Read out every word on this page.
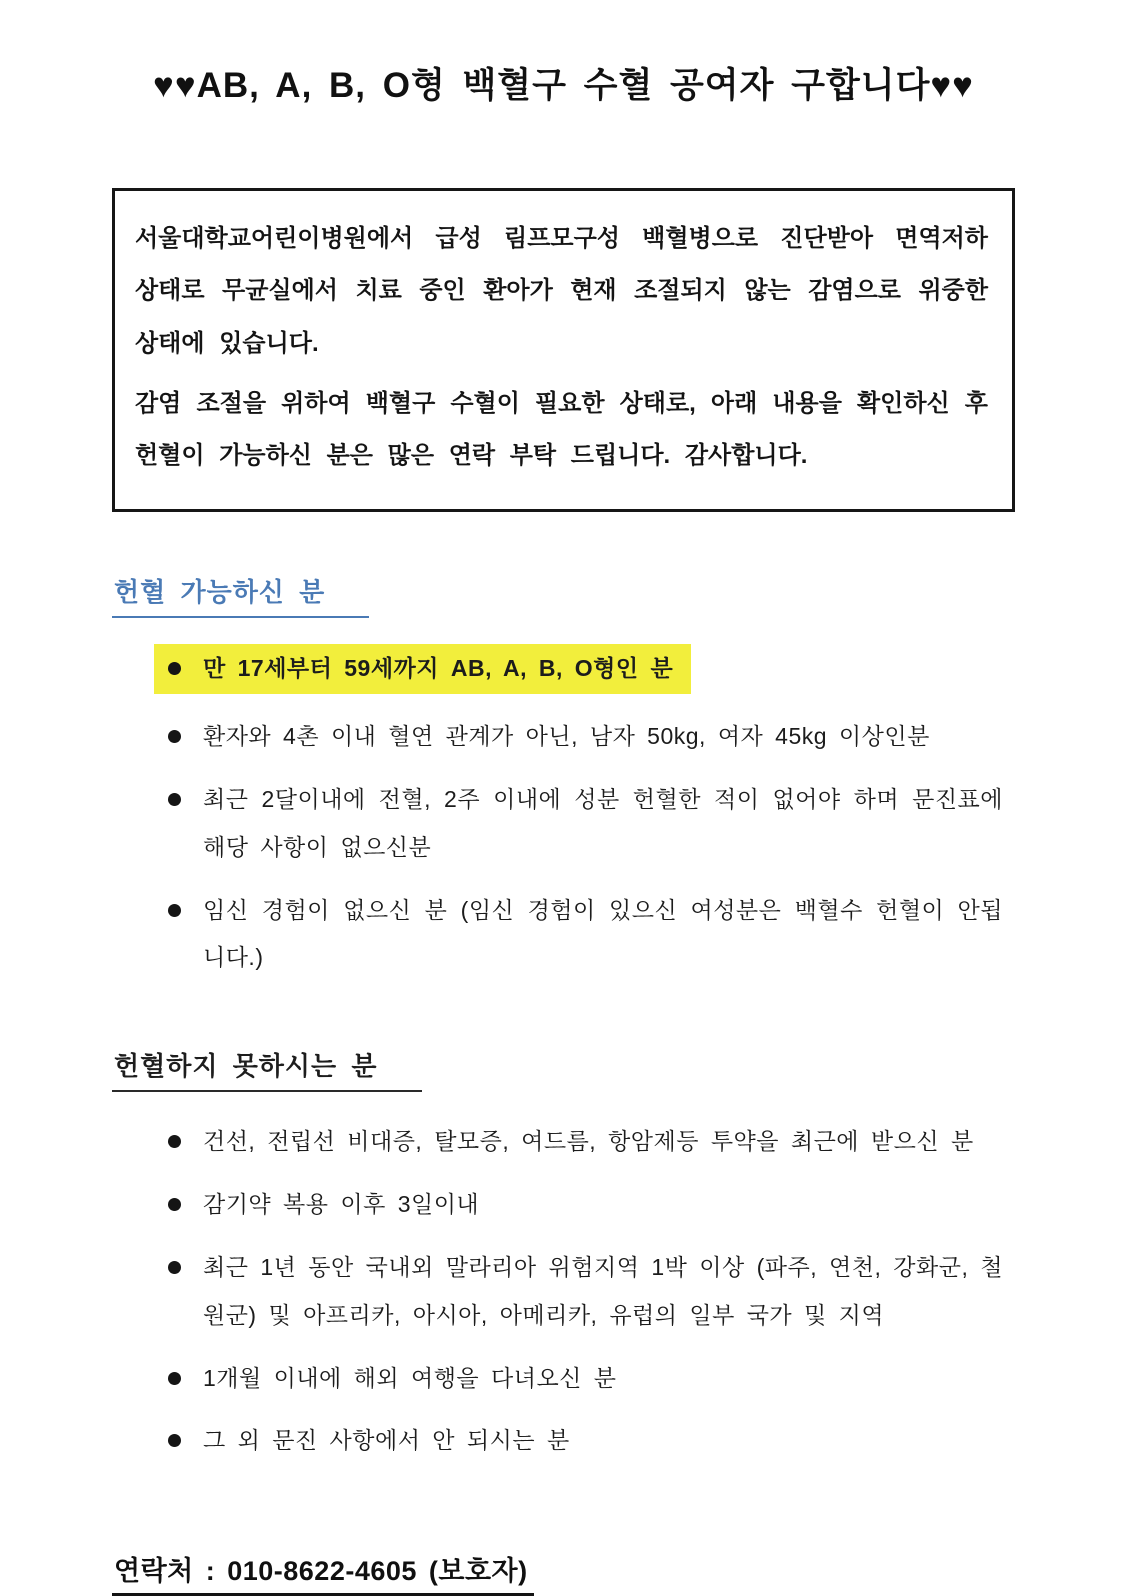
♥♥AB, A, B, O형 백혈구 수혈 공여자 구합니다♥♥

서울대학교어린이병원에서 급성 림프모구성 백혈병으로 진단받아 면역저하 상태로 무균실에서 치료 중인 환아가 현재 조절되지 않는 감염으로 위중한 상태에 있습니다.

감염 조절을 위하여 백혈구 수혈이 필요한 상태로, 아래 내용을 확인하신 후 헌혈이 가능하신 분은 많은 연락 부탁 드립니다. 감사합니다.

헌혈 가능하신 분
만 17세부터 59세까지 AB, A, B, O형인 분
환자와 4촌 이내 혈연 관계가 아닌, 남자 50kg, 여자 45kg 이상인분
최근 2달이내에 전혈, 2주 이내에 성분 헌혈한 적이 없어야 하며 문진표에 해당 사항이 없으신분
임신 경험이 없으신 분 (임신 경험이 있으신 여성분은 백혈수 헌혈이 안됩니다.)
헌혈하지 못하시는 분
건선, 전립선 비대증, 탈모증, 여드름, 항암제등 투약을 최근에 받으신 분
감기약 복용 이후 3일이내
최근 1년 동안 국내외 말라리아 위험지역 1박 이상 (파주, 연천, 강화군, 철원군) 및 아프리카, 아시아, 아메리카, 유럽의 일부 국가 및 지역
1개월 이내에 해외 여행을 다녀오신 분
그 외 문진 사항에서 안 되시는 분
연락처 : 010-8622-4605 (보호자)
